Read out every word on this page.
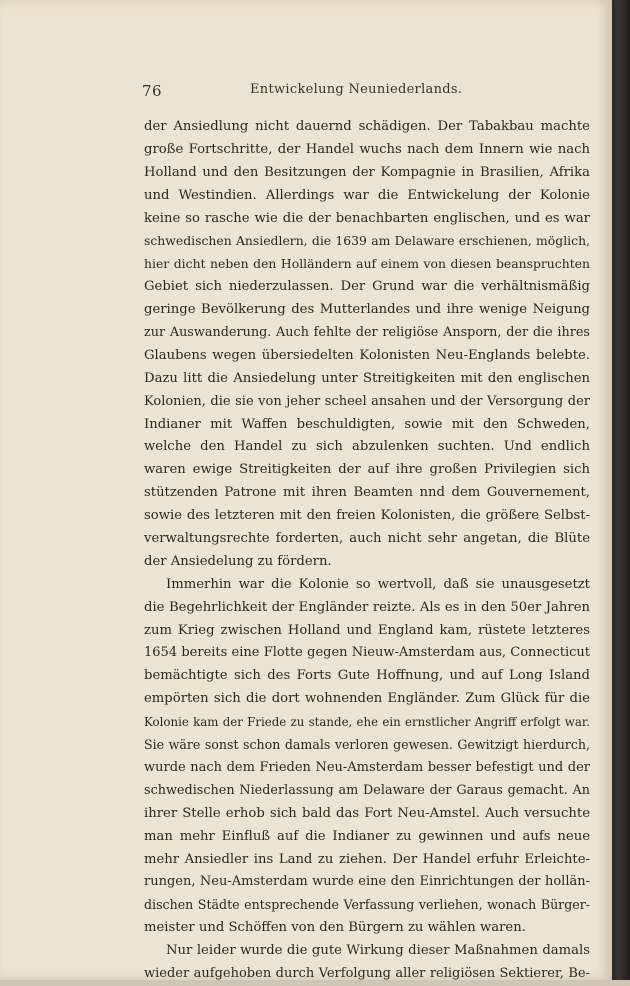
76	Entwickelung Neuniederlands.
der Ansiedlung nicht dauernd schädigen. Der Tabakbau machte
große Fortschritte, der Handel wuchs nach dem Innern wie nach
Holland und den Besitzungen der Kompagnie in Brasilien, Afrika
und Westindien. Allerdings war die Entwickelung der Kolonie
keine so rasche wie die der benachbarten englischen, und es war
schwedischen Ansiedlern, die 1639 am Delaware erschienen, möglich,
hier dicht neben den Holländern auf einem von diesen beanspruchten
Gebiet sich niederzulassen. Der Grund war die verhältnismäßig
geringe Bevölkerung des Mutterlandes und ihre wenige Neigung
zur Auswanderung. Auch fehlte der religiöse Ansporn, der die ihres
Glaubens wegen übersiedelten Kolonisten Neu-Englands belebte.
Dazu litt die Ansiedelung unter Streitigkeiten mit den englischen
Kolonien, die sie von jeher scheel ansahen und der Versorgung der
Indianer mit Waffen beschuldigten, sowie mit den Schweden,
welche den Handel zu sich abzulenken suchten. Und endlich
waren ewige Streitigkeiten der auf ihre großen Privilegien sich
stützenden Patrone mit ihren Beamten nnd dem Gouvernement,
sowie des letzteren mit den freien Kolonisten, die größere Selbst-
verwaltungsrechte forderten, auch nicht sehr angetan, die Blüte
der Ansiedelung zu fördern.
Immerhin war die Kolonie so wertvoll, daß sie unausgesetzt
die Begehrlichkeit der Engländer reizte. Als es in den 50er Jahren
zum Krieg zwischen Holland und England kam, rüstete letzteres
1654 bereits eine Flotte gegen Nieuw-Amsterdam aus, Connecticut
bemächtigte sich des Forts Gute Hoffnung, und auf Long Island
empörten sich die dort wohnenden Engländer. Zum Glück für die
Kolonie kam der Friede zu stande, ehe ein ernstlicher Angriff erfolgt war.
Sie wäre sonst schon damals verloren gewesen. Gewitzigt hierdurch,
wurde nach dem Frieden Neu-Amsterdam besser befestigt und der
schwedischen Niederlassung am Delaware der Garaus gemacht. An
ihrer Stelle erhob sich bald das Fort Neu-Amstel. Auch versuchte
man mehr Einfluß auf die Indianer zu gewinnen und aufs neue
mehr Ansiedler ins Land zu ziehen. Der Handel erfuhr Erleichte-
rungen, Neu-Amsterdam wurde eine den Einrichtungen der hollän-
dischen Städte entsprechende Verfassung verliehen, wonach Bürger-
meister und Schöffen von den Bürgern zu wählen waren.
Nur leider wurde die gute Wirkung dieser Maßnahmen damals
wieder aufgehoben durch Verfolgung aller religiösen Sektierer, Be-
